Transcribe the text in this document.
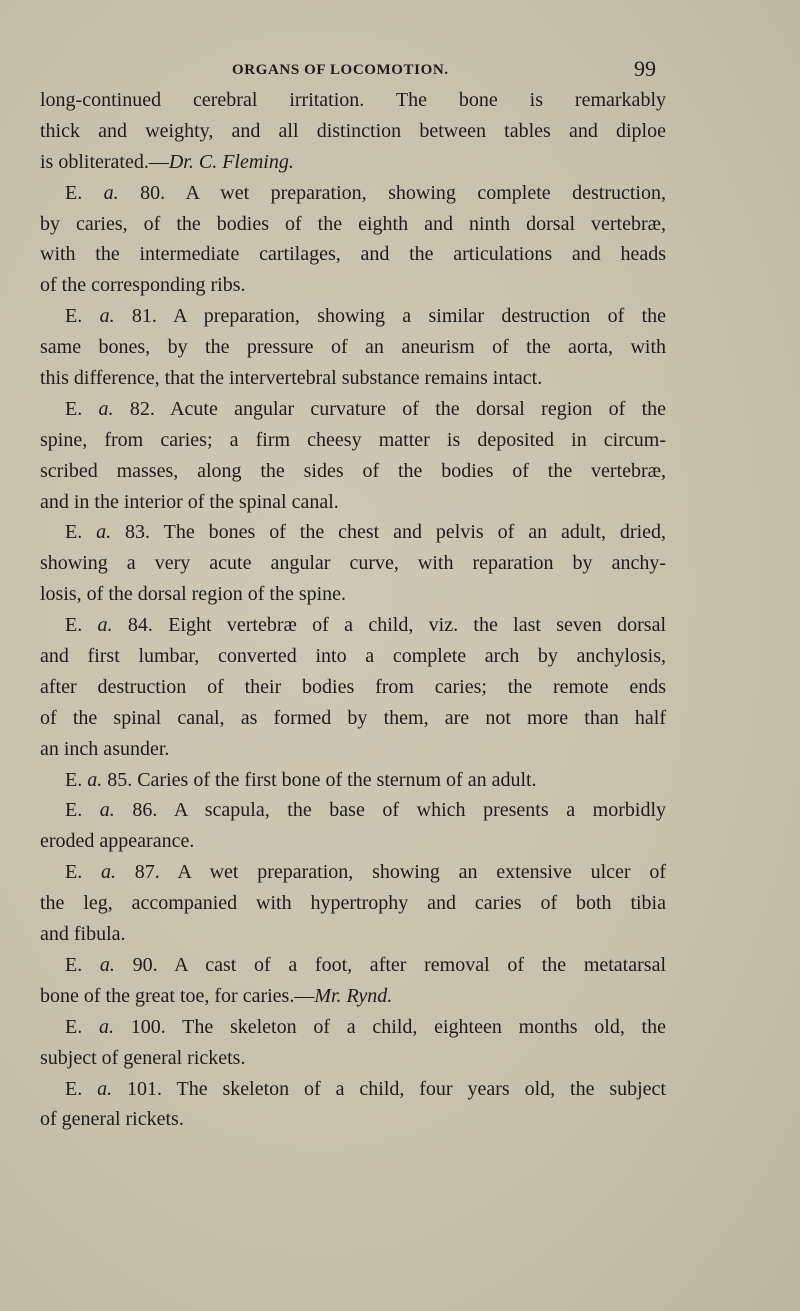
ORGANS OF LOCOMOTION.	99
long-continued cerebral irritation. The bone is remarkably
thick and weighty, and all distinction between tables and diploe
is obliterated.—Dr. C. Fleming.
E. a. 80. A wet preparation, showing complete destruction,
by caries, of the bodies of the eighth and ninth dorsal vertebræ,
with the intermediate cartilages, and the articulations and heads
of the corresponding ribs.
E. a. 81. A preparation, showing a similar destruction of the
same bones, by the pressure of an aneurism of the aorta, with
this difference, that the intervertebral substance remains intact.
E. a. 82. Acute angular curvature of the dorsal region of the
spine, from caries; a firm cheesy matter is deposited in circum-
scribed masses, along the sides of the bodies of the vertebræ,
and in the interior of the spinal canal.
E. a. 83. The bones of the chest and pelvis of an adult, dried,
showing a very acute angular curve, with reparation by anchy-
losis, of the dorsal region of the spine.
E. a. 84. Eight vertebræ of a child, viz. the last seven dorsal
and first lumbar, converted into a complete arch by anchylosis,
after destruction of their bodies from caries; the remote ends
of the spinal canal, as formed by them, are not more than half
an inch asunder.
E. a. 85. Caries of the first bone of the sternum of an adult.
E. a. 86. A scapula, the base of which presents a morbidly
eroded appearance.
E. a. 87. A wet preparation, showing an extensive ulcer of
the leg, accompanied with hypertrophy and caries of both tibia
and fibula.
E. a. 90. A cast of a foot, after removal of the metatarsal
bone of the great toe, for caries.—Mr. Rynd.
E. a. 100. The skeleton of a child, eighteen months old, the
subject of general rickets.
E. a. 101. The skeleton of a child, four years old, the subject
of general rickets.
